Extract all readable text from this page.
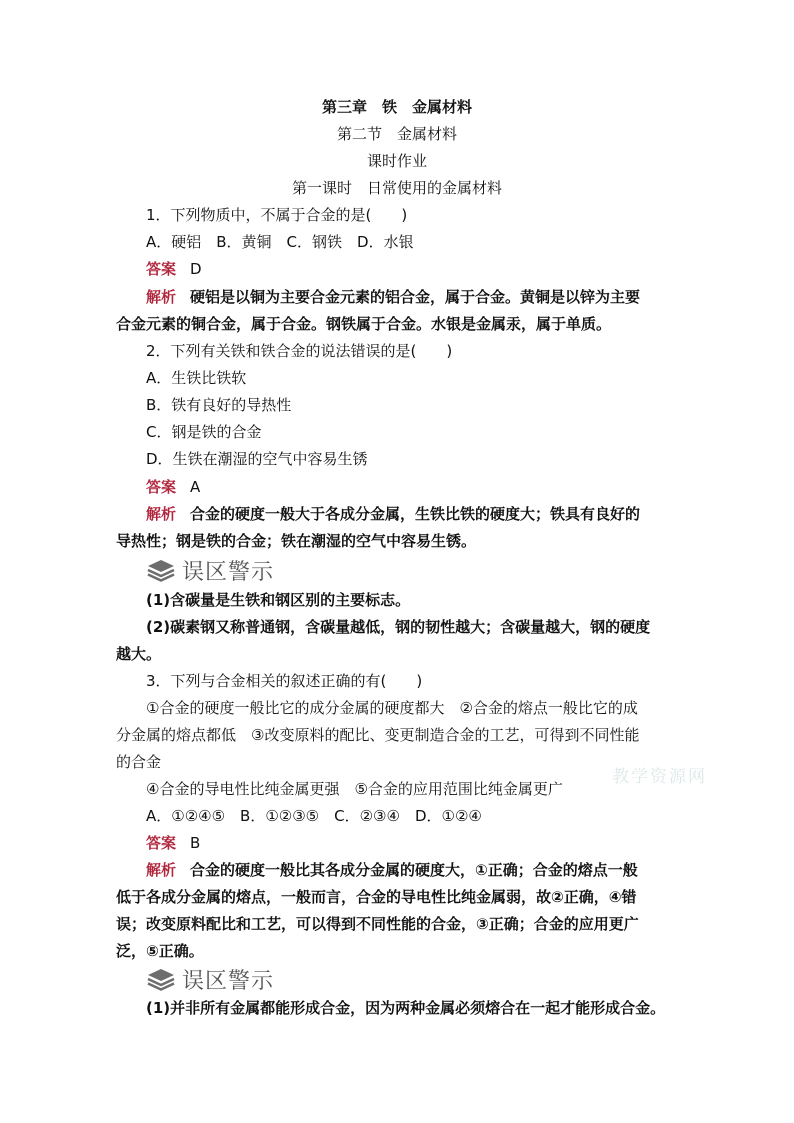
第三章　铁　金属材料
第二节　金属材料
课时作业
第一课时　日常使用的金属材料
1．下列物质中，不属于合金的是(　　)
A．硬铝　B．黄铜　C．钢铁　D．水银
答案 D
解析 硬铝是以铜为主要合金元素的铝合金，属于合金。黄铜是以锌为主要
合金元素的铜合金，属于合金。钢铁属于合金。水银是金属汞，属于单质。
2．下列有关铁和铁合金的说法错误的是(　　)
A．生铁比铁软
B．铁有良好的导热性
C．钢是铁的合金
D．生铁在潮湿的空气中容易生锈
答案 A
解析 合金的硬度一般大于各成分金属，生铁比铁的硬度大；铁具有良好的
导热性；钢是铁的合金；铁在潮湿的空气中容易生锈。
误区警示
(1)含碳量是生铁和钢区别的主要标志。
(2)碳素钢又称普通钢，含碳量越低，钢的韧性越大；含碳量越大，钢的硬度
越大。
3．下列与合金相关的叙述正确的有(　　)
①合金的硬度一般比它的成分金属的硬度都大　②合金的熔点一般比它的成
分金属的熔点都低　③改变原料的配比、变更制造合金的工艺，可得到不同性能
的合金
④合金的导电性比纯金属更强　⑤合金的应用范围比纯金属更广
A．①②④⑤　B．①②③⑤　C．②③④　D．①②④
答案 B
解析 合金的硬度一般比其各成分金属的硬度大，①正确；合金的熔点一般
低于各成分金属的熔点，一般而言，合金的导电性比纯金属弱，故②正确，④错
误；改变原料配比和工艺，可以得到不同性能的合金，③正确；合金的应用更广
泛，⑤正确。
误区警示
(1)并非所有金属都能形成合金，因为两种金属必须熔合在一起才能形成合金。
教学资源网
